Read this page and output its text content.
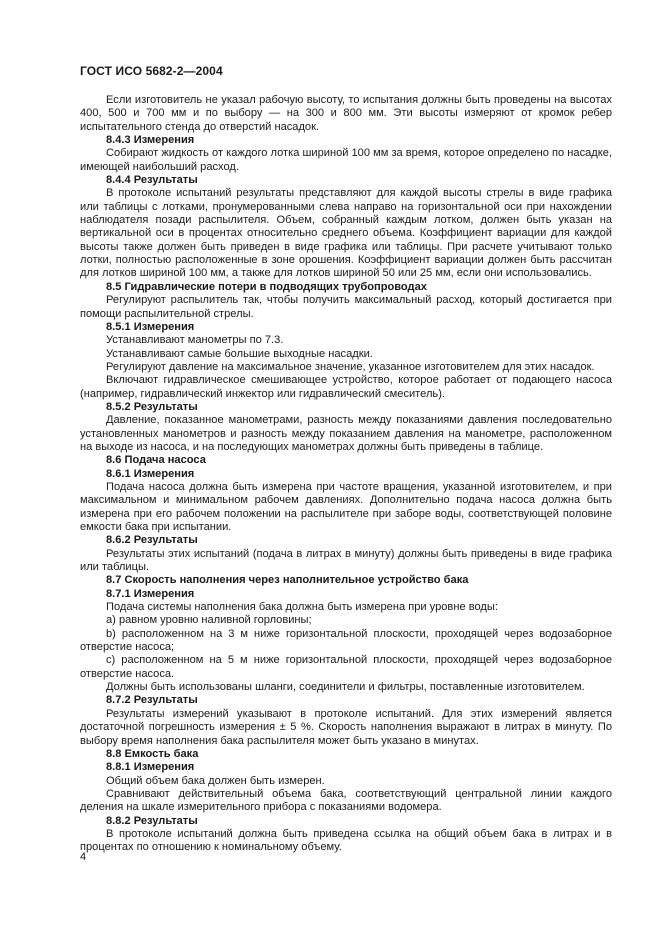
ГОСТ ИСО 5682-2—2004

Если изготовитель не указал рабочую высоту, то испытания должны быть проведены на высотах 400, 500 и 700 мм и по выбору — на 300 и 800 мм. Эти высоты измеряют от кромок ребер испытательного стенда до отверстий насадок.

8.4.3 Измерения

Собирают жидкость от каждого лотка шириной 100 мм за время, которое определено по насадке, имеющей наибольший расход.

8.4.4 Результаты

В протоколе испытаний результаты представляют для каждой высоты стрелы в виде графика или таблицы с лотками, пронумерованными слева направо на горизонтальной оси при нахождении наблюдателя позади распылителя. Объем, собранный каждым лотком, должен быть указан на вертикальной оси в процентах относительно среднего объема. Коэффициент вариации для каждой высоты также должен быть приведен в виде графика или таблицы. При расчете учитывают только лотки, полностью расположенные в зоне орошения. Коэффициент вариации должен быть рассчитан для лотков шириной 100 мм, а также для лотков шириной 50 или 25 мм, если они использовались.

8.5 Гидравлические потери в подводящих трубопроводах

Регулируют распылитель так, чтобы получить максимальный расход, который достигается при помощи распылительной стрелы.

8.5.1 Измерения

Устанавливают манометры по 7.3.

Устанавливают самые большие выходные насадки.

Регулируют давление на максимальное значение, указанное изготовителем для этих насадок.

Включают гидравлическое смешивающее устройство, которое работает от подающего насоса (например, гидравлический инжектор или гидравлический смеситель).

8.5.2 Результаты

Давление, показанное манометрами, разность между показаниями давления последовательно установленных манометров и разность между показанием давления на манометре, расположенном на выходе из насоса, и на последующих манометрах должны быть приведены в таблице.

8.6 Подача насоса

8.6.1 Измерения

Подача насоса должна быть измерена при частоте вращения, указанной изготовителем, и при максимальном и минимальном рабочем давлениях. Дополнительно подача насоса должна быть измерена при его рабочем положении на распылителе при заборе воды, соответствующей половине емкости бака при испытании.

8.6.2 Результаты

Результаты этих испытаний (подача в литрах в минуту) должны быть приведены в виде графика или таблицы.

8.7 Скорость наполнения через наполнительное устройство бака

8.7.1 Измерения

Подача системы наполнения бака должна быть измерена при уровне воды:

а) равном уровню наливной горловины;

b) расположенном на 3 м ниже горизонтальной плоскости, проходящей через водозаборное отверстие насоса;

с) расположенном на 5 м ниже горизонтальной плоскости, проходящей через водозаборное отверстие насоса.

Должны быть использованы шланги, соединители и фильтры, поставленные изготовителем.

8.7.2 Результаты

Результаты измерений указывают в протоколе испытаний. Для этих измерений является достаточной погрешность измерения ± 5 %. Скорость наполнения выражают в литрах в минуту. По выбору время наполнения бака распылителя может быть указано в минутах.

8.8 Емкость бака

8.8.1 Измерения

Общий объем бака должен быть измерен.

Сравнивают действительный объема бака, соответствующий центральной линии каждого деления на шкале измерительного прибора с показаниями водомера.

8.8.2 Результаты

В протоколе испытаний должна быть приведена ссылка на общий объем бака в литрах и в процентах по отношению к номинальному объему.

4
